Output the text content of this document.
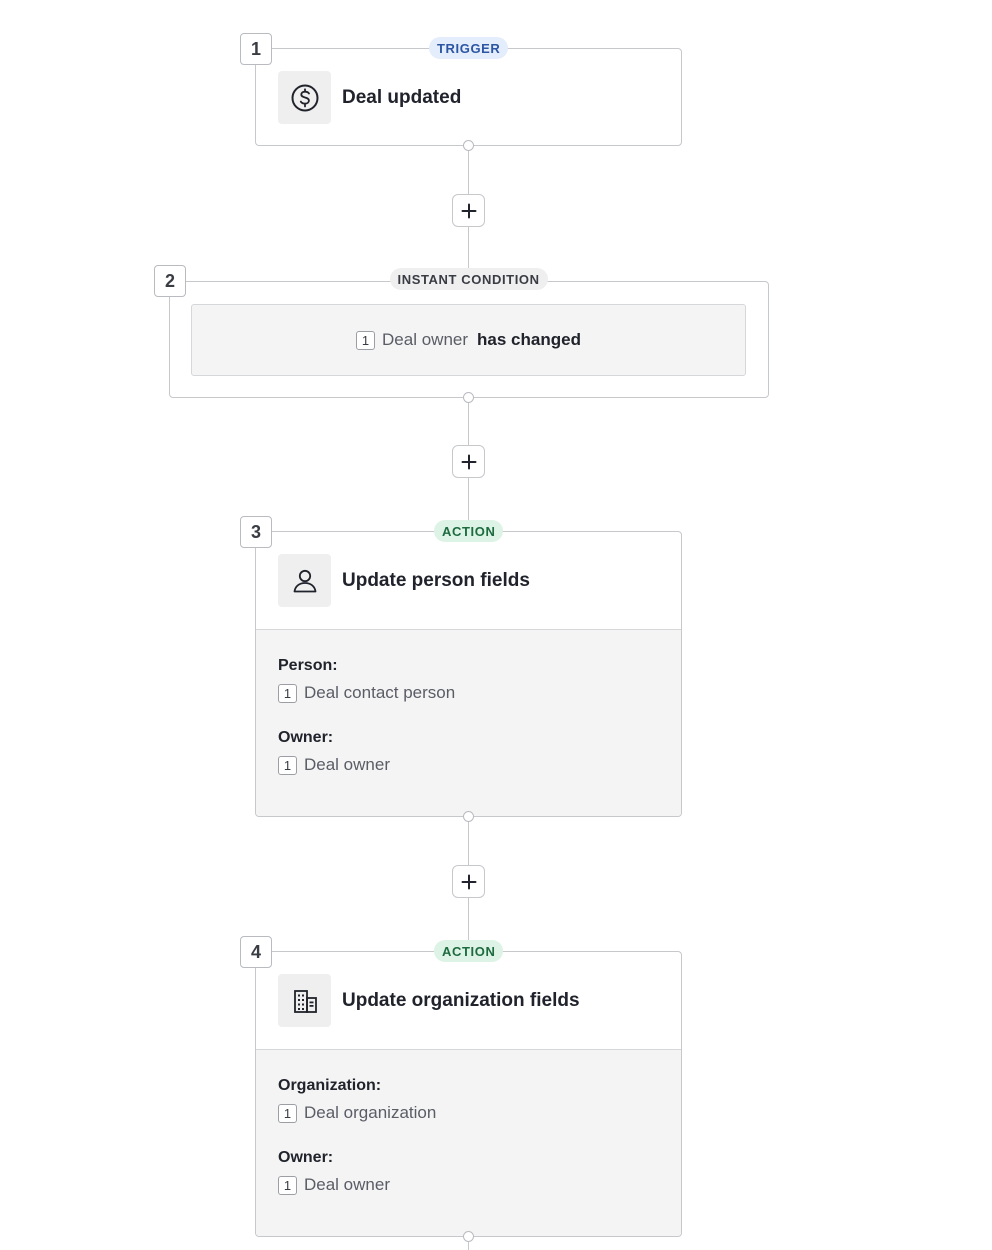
Deal updated
1	TRIGGER
1 Deal owner has changed
2	INSTANT CONDITION
Update person fields
Person:
1 Deal contact person
Owner:
1 Deal owner
3	ACTION
Update organization fields
Organization:
1 Deal organization
Owner:
1 Deal owner
4	ACTION
